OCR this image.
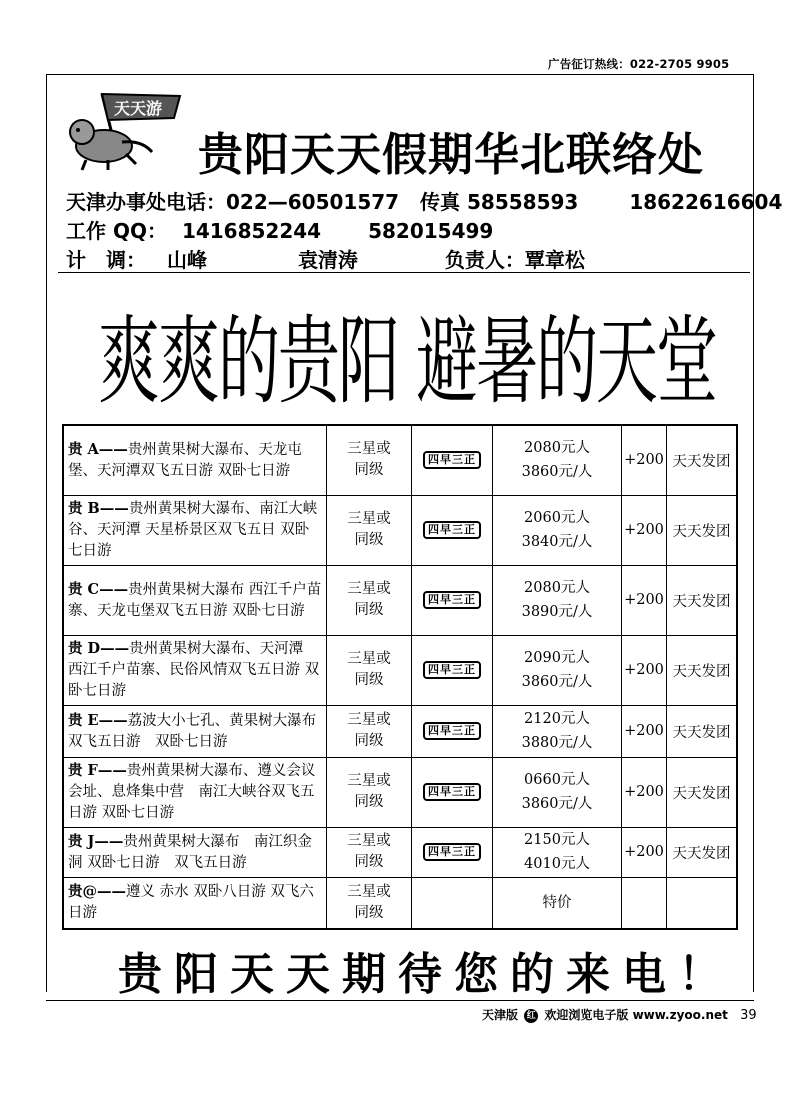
广告征订热线：022-2705 9905
天天游
贵阳天天假期华北联络处
天津办事处电话：022—60501577 传真 58558593	18622616604
工作 QQ： 1416852244 582015499
计　调： 山峰	袁清涛	负责人：覃章松
爽爽的贵阳 避暑的天堂
贵 A——贵州黄果树大瀑布、天龙屯堡、天河潭双飞五日游 双卧七日游	三星或同级	四早三正	2080元人
3860元/人	+200	天天发团
贵 B——贵州黄果树大瀑布、南江大峡谷、天河潭 天星桥景区双飞五日 双卧七日游	三星或同级	四早三正	2060元人
3840元/人	+200	天天发团
贵 C——贵州黄果树大瀑布 西江千户苗寨、天龙屯堡双飞五日游 双卧七日游	三星或同级	四早三正	2080元人
3890元/人	+200	天天发团
贵 D——贵州黄果树大瀑布、天河潭 西江千户苗寨、民俗风情双飞五日游 双卧七日游	三星或同级	四早三正	2090元人
3860元/人	+200	天天发团
贵 E——荔波大小七孔、黄果树大瀑布双飞五日游　双卧七日游	三星或同级	四早三正	2120元人
3880元/人	+200	天天发团
贵 F——贵州黄果树大瀑布、遵义会议会址、息烽集中营　南江大峡谷双飞五日游 双卧七日游	三星或同级	四早三正	0660元人
3860元/人	+200	天天发团
贵 J——贵州黄果树大瀑布　南江织金洞 双卧七日游　双飞五日游	三星或同级	四早三正	2150元人
4010元人	+200	天天发团
贵@——遵义 赤水 双卧八日游 双飞六日游	三星或同级		特价		

贵阳天天期待您的来电！
天津版 红 欢迎浏览电子版 www.zyoo.net 39
